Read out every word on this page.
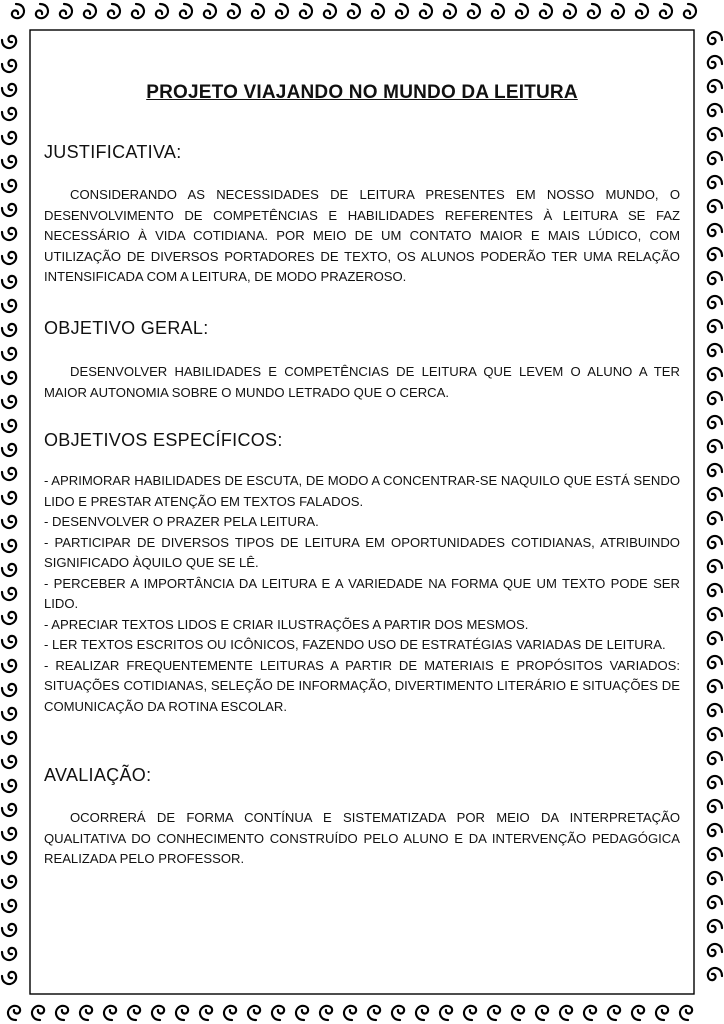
PROJETO VIAJANDO NO MUNDO DA LEITURA
JUSTIFICATIVA:

CONSIDERANDO AS NECESSIDADES DE LEITURA PRESENTES EM NOSSO MUNDO, O DESENVOLVIMENTO DE COMPETÊNCIAS E HABILIDADES REFERENTES À LEITURA SE FAZ NECESSÁRIO À VIDA COTIDIANA. POR MEIO DE UM CONTATO MAIOR E MAIS LÚDICO, COM UTILIZAÇÃO DE DIVERSOS PORTADORES DE TEXTO, OS ALUNOS PODERÃO TER UMA RELAÇÃO INTENSIFICADA COM A LEITURA, DE MODO PRAZEROSO.

OBJETIVO GERAL:

DESENVOLVER HABILIDADES E COMPETÊNCIAS DE LEITURA QUE LEVEM O ALUNO A TER MAIOR AUTONOMIA SOBRE O MUNDO LETRADO QUE O CERCA.

OBJETIVOS ESPECÍFICOS:

- APRIMORAR HABILIDADES DE ESCUTA, DE MODO A CONCENTRAR-SE NAQUILO QUE ESTÁ SENDO LIDO E PRESTAR ATENÇÃO EM TEXTOS FALADOS.

- DESENVOLVER O PRAZER PELA LEITURA.

- PARTICIPAR DE DIVERSOS TIPOS DE LEITURA EM OPORTUNIDADES COTIDIANAS, ATRIBUINDO SIGNIFICADO ÀQUILO QUE SE LÊ.

- PERCEBER A IMPORTÂNCIA DA LEITURA E A VARIEDADE NA FORMA QUE UM TEXTO PODE SER LIDO.

- APRECIAR TEXTOS LIDOS E CRIAR ILUSTRAÇÕES A PARTIR DOS MESMOS.

- LER TEXTOS ESCRITOS OU ICÔNICOS, FAZENDO USO DE ESTRATÉGIAS VARIADAS DE LEITURA.

- REALIZAR FREQUENTEMENTE LEITURAS A PARTIR DE MATERIAIS E PROPÓSITOS VARIADOS: SITUAÇÕES COTIDIANAS, SELEÇÃO DE INFORMAÇÃO, DIVERTIMENTO LITERÁRIO E SITUAÇÕES DE COMUNICAÇÃO DA ROTINA ESCOLAR.

AVALIAÇÃO:

OCORRERÁ DE FORMA CONTÍNUA E SISTEMATIZADA POR MEIO DA INTERPRETAÇÃO QUALITATIVA DO CONHECIMENTO CONSTRUÍDO PELO ALUNO E DA INTERVENÇÃO PEDAGÓGICA REALIZADA PELO PROFESSOR.
